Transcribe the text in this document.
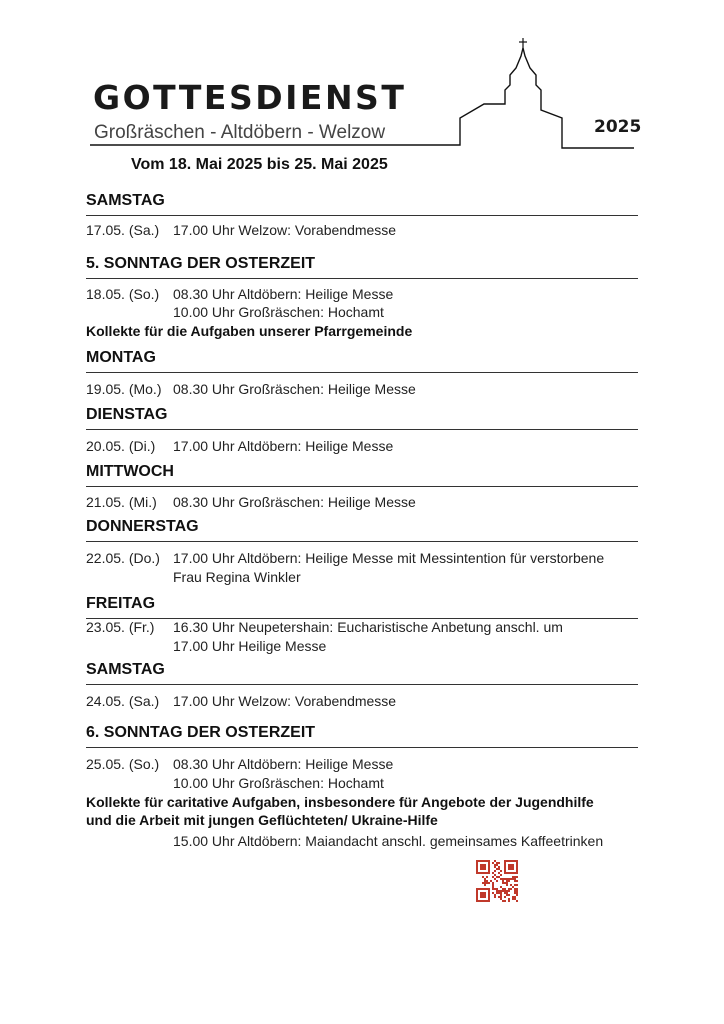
GOTTESDIENST
Großräschen - Altdöbern - Welzow	2025
Vom 18. Mai 2025 bis 25. Mai 2025
SAMSTAG
17.05. (Sa.) 17.00 Uhr Welzow: Vorabendmesse
5. SONNTAG DER OSTERZEIT
18.05. (So.) 08.30 Uhr Altdöbern: Heilige Messe
10.00 Uhr Großräschen: Hochamt
Kollekte für die Aufgaben unserer Pfarrgemeinde
MONTAG
19.05. (Mo.) 08.30 Uhr Großräschen: Heilige Messe
DIENSTAG
20.05. (Di.) 17.00 Uhr Altdöbern: Heilige Messe
MITTWOCH
21.05. (Mi.) 08.30 Uhr Großräschen: Heilige Messe
DONNERSTAG
22.05. (Do.) 17.00 Uhr Altdöbern: Heilige Messe mit Messintention für verstorbene
Frau Regina Winkler
FREITAG
23.05. (Fr.) 16.30 Uhr Neupetershain: Eucharistische Anbetung anschl. um
17.00 Uhr Heilige Messe
SAMSTAG
24.05. (Sa.) 17.00 Uhr Welzow: Vorabendmesse
6. SONNTAG DER OSTERZEIT
25.05. (So.) 08.30 Uhr Altdöbern: Heilige Messe
10.00 Uhr Großräschen: Hochamt
Kollekte für caritative Aufgaben, insbesondere für Angebote der Jugendhilfe
und die Arbeit mit jungen Geflüchteten/ Ukraine-Hilfe
15.00 Uhr Altdöbern: Maiandacht anschl. gemeinsames Kaffeetrinken
